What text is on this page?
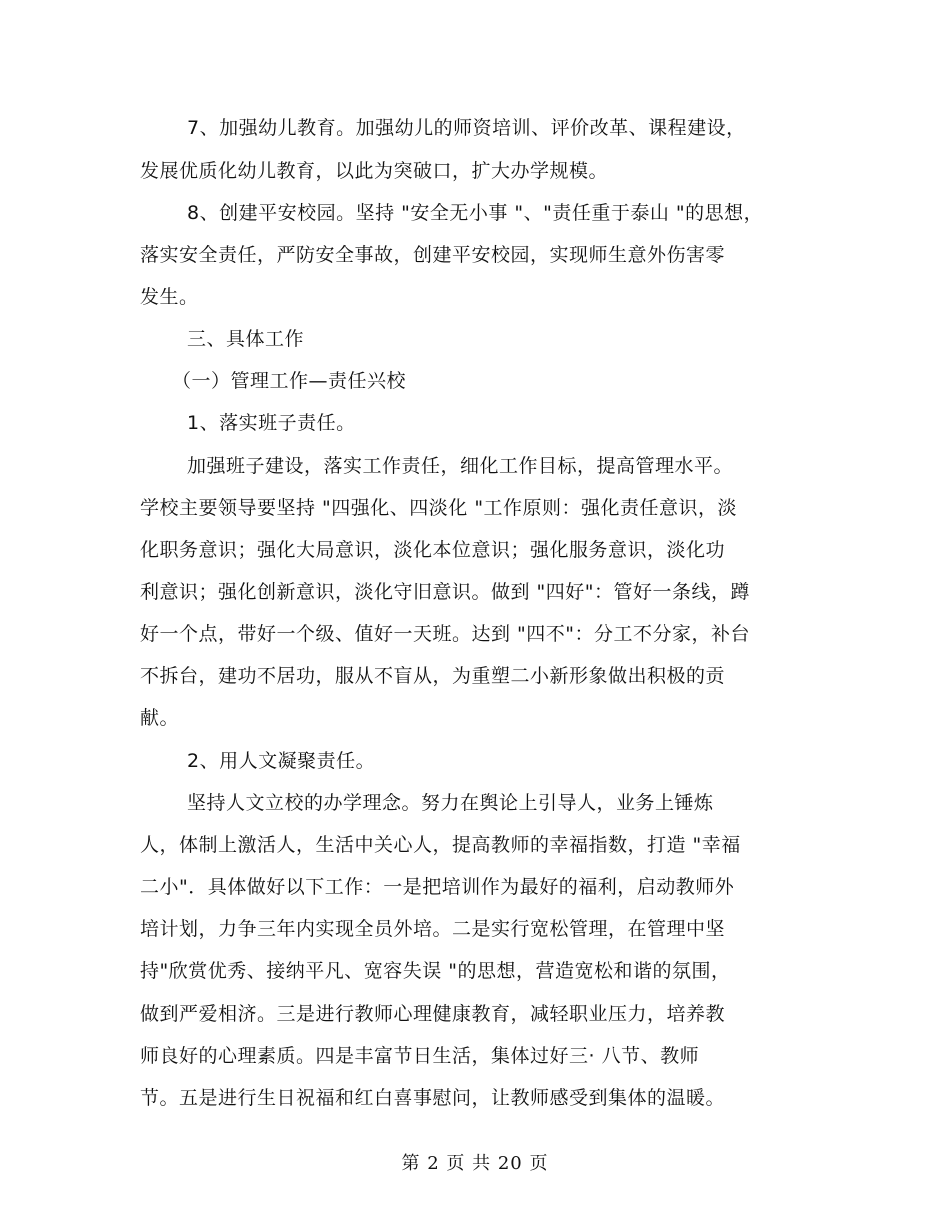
7、加强幼儿教育。加强幼儿的师资培训、评价改革、课程建设，
发展优质化幼儿教育，以此为突破口，扩大办学规模。
8、创建平安校园。坚持 "安全无小事 "、"责任重于泰山 "的思想，
落实安全责任，严防安全事故，创建平安校园，实现师生意外伤害零
发生。
三、具体工作
（一）管理工作—责任兴校
1、落实班子责任。
加强班子建设，落实工作责任，细化工作目标，提高管理水平。
学校主要领导要坚持 "四强化、四淡化 "工作原则：强化责任意识，淡
化职务意识；强化大局意识，淡化本位意识；强化服务意识，淡化功
利意识；强化创新意识，淡化守旧意识。做到 "四好"：管好一条线，蹲
好一个点，带好一个级、值好一天班。达到 "四不"：分工不分家，补台
不拆台，建功不居功，服从不盲从，为重塑二小新形象做出积极的贡
献。
2、用人文凝聚责任。
坚持人文立校的办学理念。努力在舆论上引导人，业务上锤炼
人，体制上激活人，生活中关心人，提高教师的幸福指数，打造 "幸福
二小"．具体做好以下工作：一是把培训作为最好的福利，启动教师外
培计划，力争三年内实现全员外培。二是实行宽松管理，在管理中坚
持"欣赏优秀、接纳平凡、宽容失误 "的思想，营造宽松和谐的氛围，
做到严爱相济。三是进行教师心理健康教育，减轻职业压力，培养教
师良好的心理素质。四是丰富节日生活，集体过好三· 八节、教师
节。五是进行生日祝福和红白喜事慰问，让教师感受到集体的温暖。
第 2 页 共 20 页
